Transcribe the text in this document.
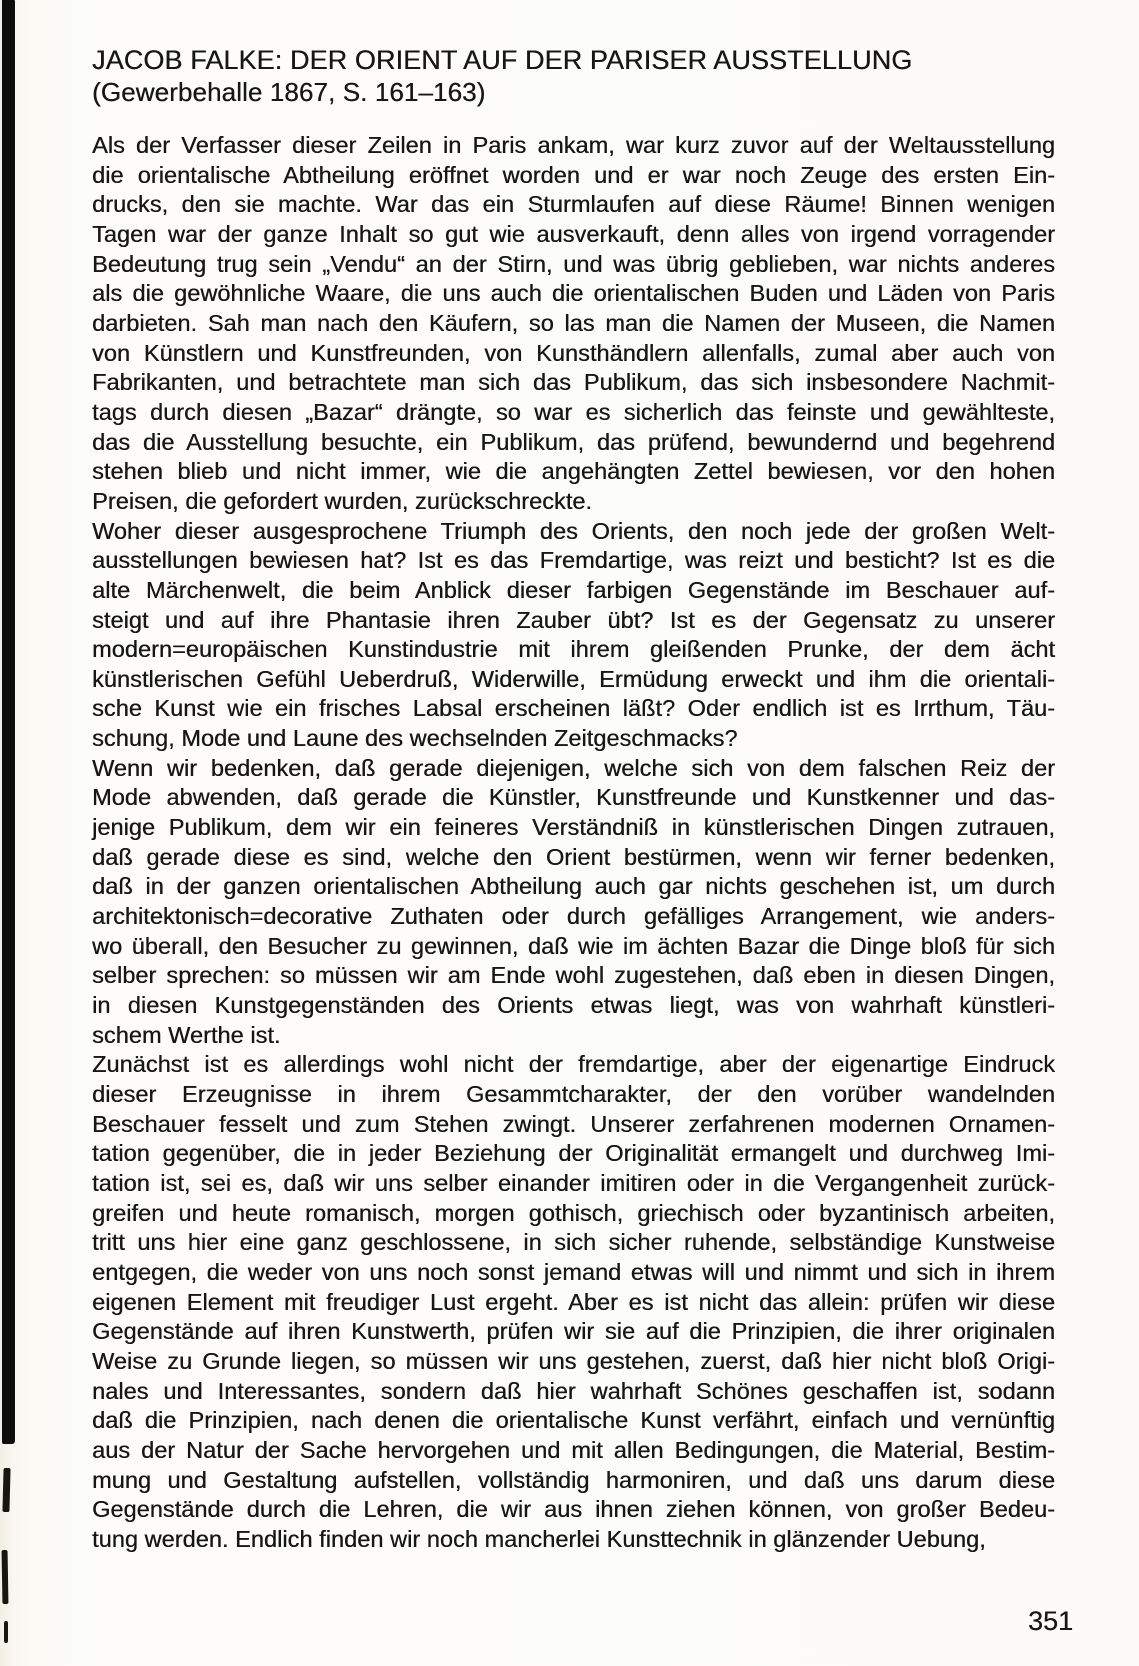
JACOB FALKE: DER ORIENT AUF DER PARISER AUSSTELLUNG
(Gewerbehalle 1867, S. 161–163)
Als der Verfasser dieser Zeilen in Paris ankam, war kurz zuvor auf der Weltausstellung
die orientalische Abtheilung eröffnet worden und er war noch Zeuge des ersten Ein-
drucks, den sie machte. War das ein Sturmlaufen auf diese Räume! Binnen wenigen
Tagen war der ganze Inhalt so gut wie ausverkauft, denn alles von irgend vorragender
Bedeutung trug sein „Vendu“ an der Stirn, und was übrig geblieben, war nichts anderes
als die gewöhnliche Waare, die uns auch die orientalischen Buden und Läden von Paris
darbieten. Sah man nach den Käufern, so las man die Namen der Museen, die Namen
von Künstlern und Kunstfreunden, von Kunsthändlern allenfalls, zumal aber auch von
Fabrikanten, und betrachtete man sich das Publikum, das sich insbesondere Nachmit-
tags durch diesen „Bazar“ drängte, so war es sicherlich das feinste und gewählteste,
das die Ausstellung besuchte, ein Publikum, das prüfend, bewundernd und begehrend
stehen blieb und nicht immer, wie die angehängten Zettel bewiesen, vor den hohen
Preisen, die gefordert wurden, zurückschreckte.
Woher dieser ausgesprochene Triumph des Orients, den noch jede der großen Welt-
ausstellungen bewiesen hat? Ist es das Fremdartige, was reizt und besticht? Ist es die
alte Märchenwelt, die beim Anblick dieser farbigen Gegenstände im Beschauer auf-
steigt und auf ihre Phantasie ihren Zauber übt? Ist es der Gegensatz zu unserer
modern=europäischen Kunstindustrie mit ihrem gleißenden Prunke, der dem ächt
künstlerischen Gefühl Ueberdruß, Widerwille, Ermüdung erweckt und ihm die orientali-
sche Kunst wie ein frisches Labsal erscheinen läßt? Oder endlich ist es Irrthum, Täu-
schung, Mode und Laune des wechselnden Zeitgeschmacks?
Wenn wir bedenken, daß gerade diejenigen, welche sich von dem falschen Reiz der
Mode abwenden, daß gerade die Künstler, Kunstfreunde und Kunstkenner und das-
jenige Publikum, dem wir ein feineres Verständniß in künstlerischen Dingen zutrauen,
daß gerade diese es sind, welche den Orient bestürmen, wenn wir ferner bedenken,
daß in der ganzen orientalischen Abtheilung auch gar nichts geschehen ist, um durch
architektonisch=decorative Zuthaten oder durch gefälliges Arrangement, wie anders-
wo überall, den Besucher zu gewinnen, daß wie im ächten Bazar die Dinge bloß für sich
selber sprechen: so müssen wir am Ende wohl zugestehen, daß eben in diesen Dingen,
in diesen Kunstgegenständen des Orients etwas liegt, was von wahrhaft künstleri-
schem Werthe ist.
Zunächst ist es allerdings wohl nicht der fremdartige, aber der eigenartige Eindruck
dieser Erzeugnisse in ihrem Gesammtcharakter, der den vorüber wandelnden
Beschauer fesselt und zum Stehen zwingt. Unserer zerfahrenen modernen Ornamen-
tation gegenüber, die in jeder Beziehung der Originalität ermangelt und durchweg Imi-
tation ist, sei es, daß wir uns selber einander imitiren oder in die Vergangenheit zurück-
greifen und heute romanisch, morgen gothisch, griechisch oder byzantinisch arbeiten,
tritt uns hier eine ganz geschlossene, in sich sicher ruhende, selbständige Kunstweise
entgegen, die weder von uns noch sonst jemand etwas will und nimmt und sich in ihrem
eigenen Element mit freudiger Lust ergeht. Aber es ist nicht das allein: prüfen wir diese
Gegenstände auf ihren Kunstwerth, prüfen wir sie auf die Prinzipien, die ihrer originalen
Weise zu Grunde liegen, so müssen wir uns gestehen, zuerst, daß hier nicht bloß Origi-
nales und Interessantes, sondern daß hier wahrhaft Schönes geschaffen ist, sodann
daß die Prinzipien, nach denen die orientalische Kunst verfährt, einfach und vernünftig
aus der Natur der Sache hervorgehen und mit allen Bedingungen, die Material, Bestim-
mung und Gestaltung aufstellen, vollständig harmoniren, und daß uns darum diese
Gegenstände durch die Lehren, die wir aus ihnen ziehen können, von großer Bedeu-
tung werden. Endlich finden wir noch mancherlei Kunsttechnik in glänzender Uebung,
351
